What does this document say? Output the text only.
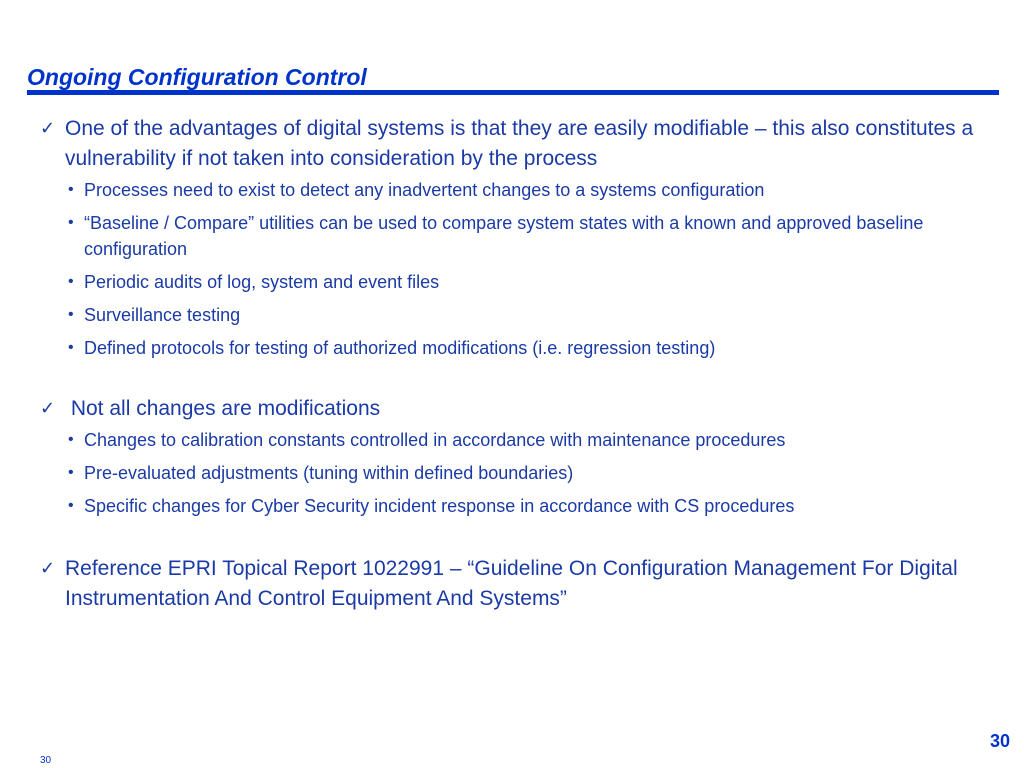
Ongoing Configuration Control
✓ One of the advantages of digital systems is that they are easily modifiable – this also constitutes a vulnerability if not taken into consideration by the process
• Processes need to exist to detect any inadvertent changes to a systems configuration
• “Baseline / Compare” utilities can be used to compare system states with a known and approved baseline configuration
• Periodic audits of log, system and event files
• Surveillance testing
• Defined protocols for testing of authorized modifications (i.e. regression testing)
✓ Not all changes are modifications
• Changes to calibration constants controlled in accordance with maintenance procedures
• Pre-evaluated adjustments (tuning within defined boundaries)
• Specific changes for Cyber Security incident response in accordance with CS procedures
✓ Reference EPRI Topical Report 1022991 – “Guideline On Configuration Management For Digital Instrumentation And Control Equipment And Systems”
30
30
